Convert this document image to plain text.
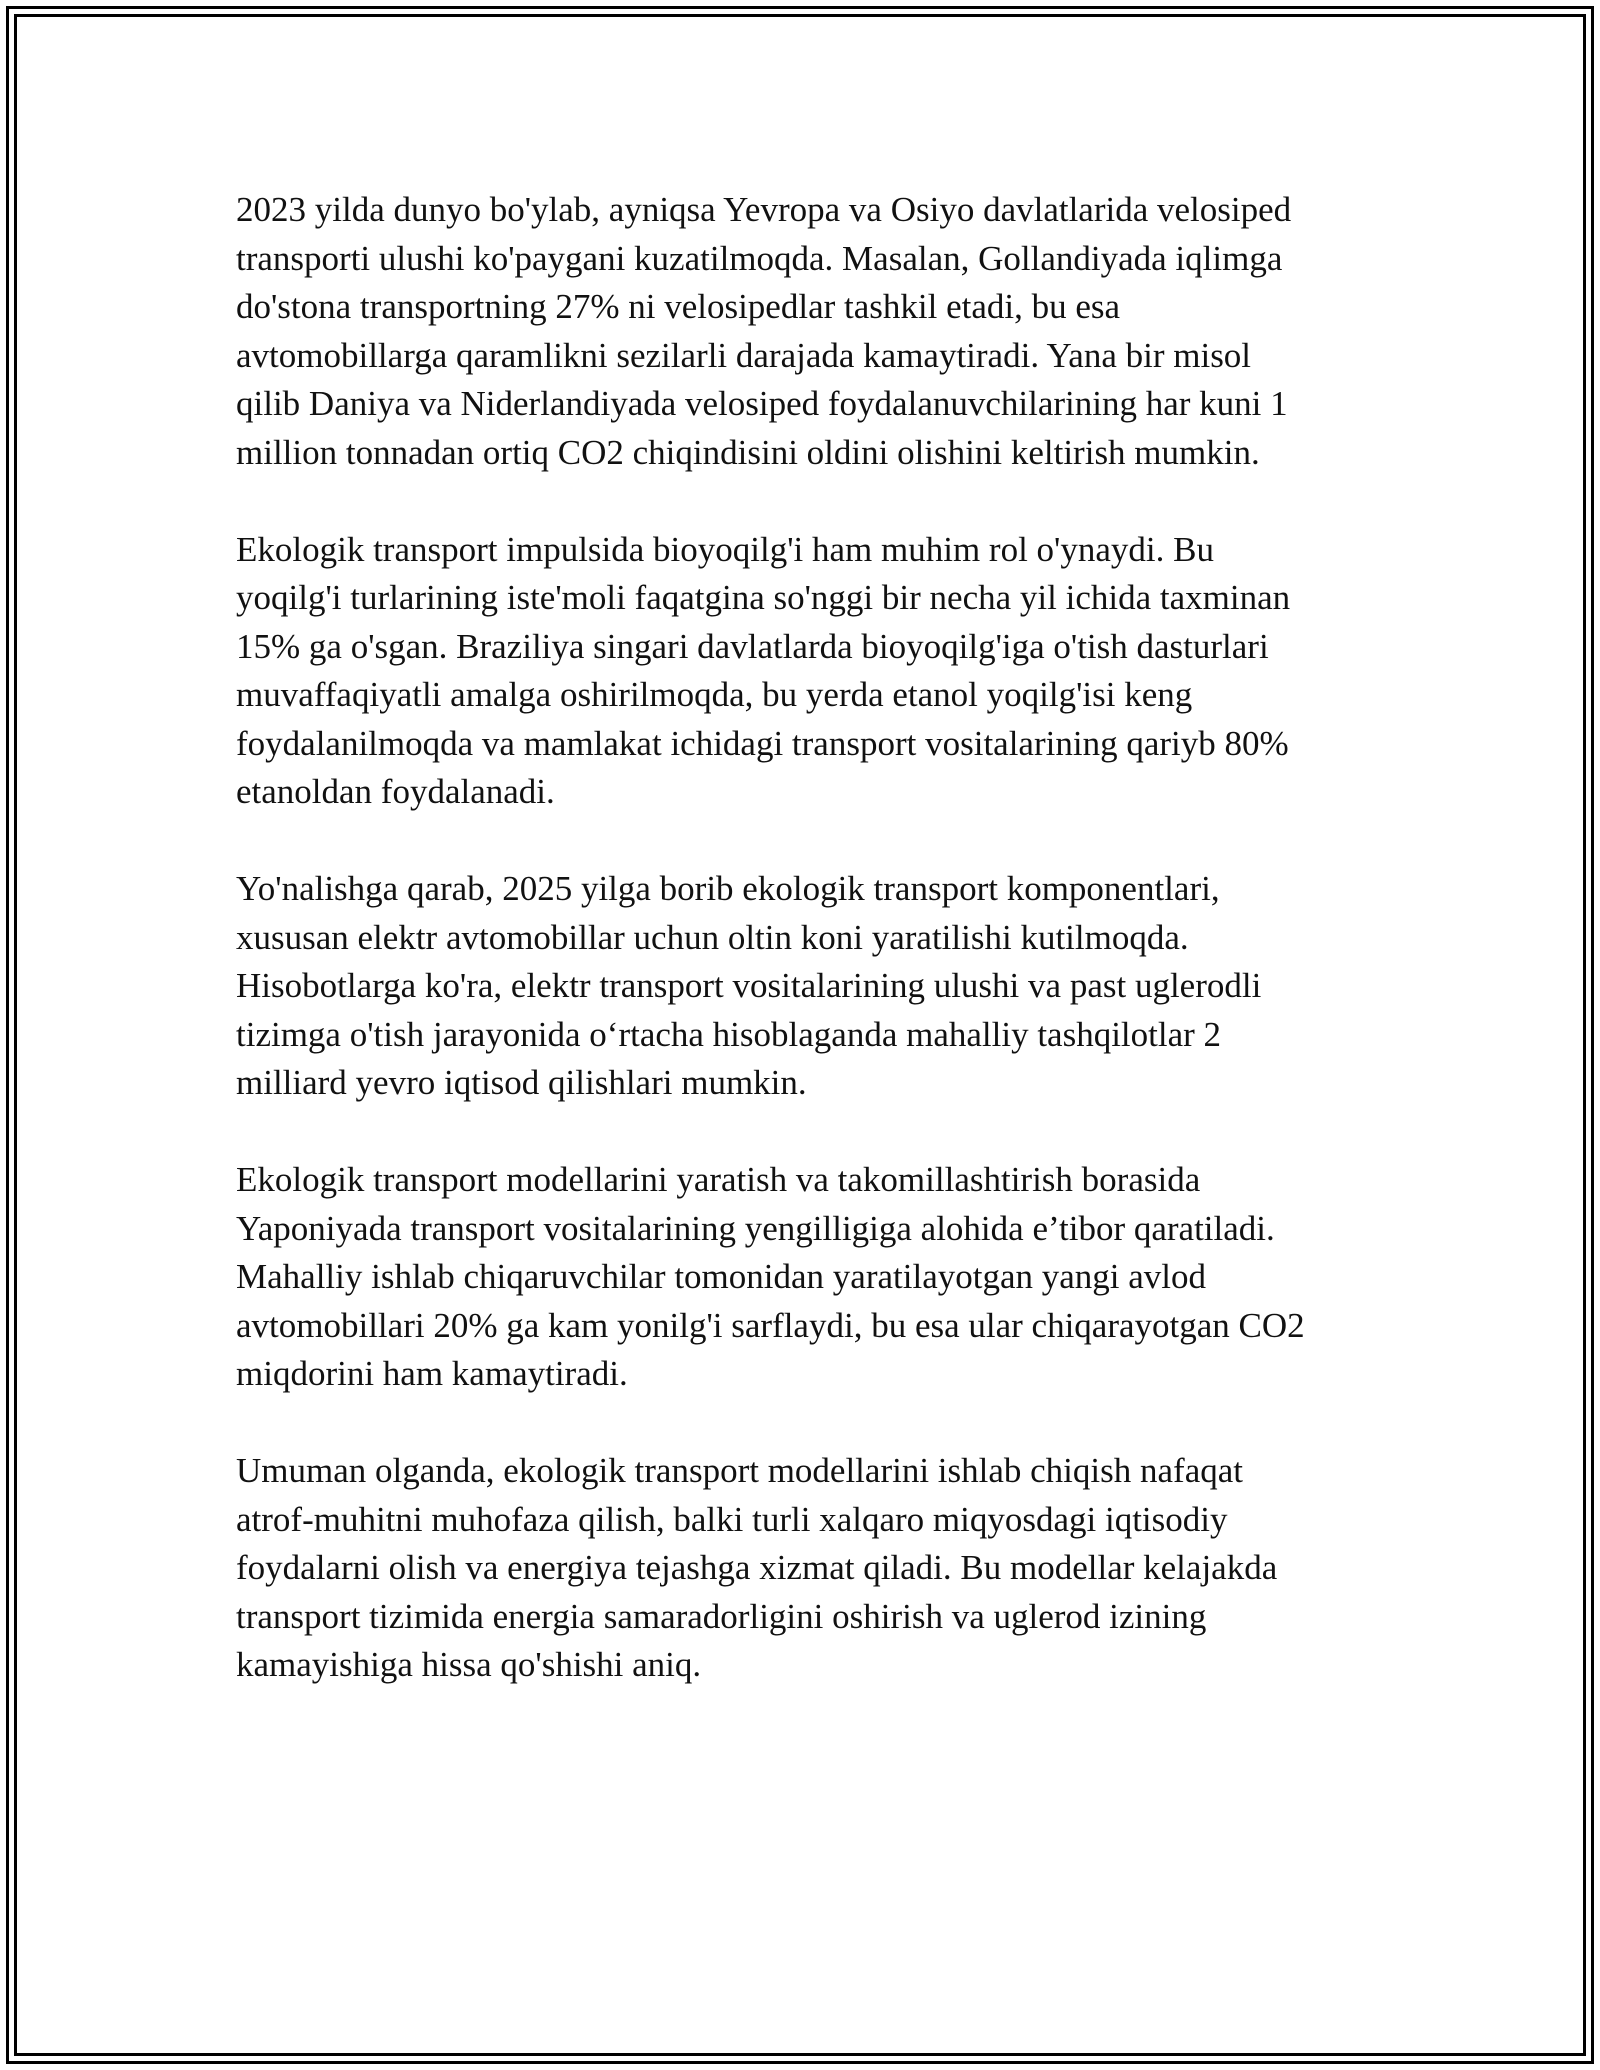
2023 yilda dunyo bo'ylab, ayniqsa Yevropa va Osiyo davlatlarida velosiped
transporti ulushi ko'paygani kuzatilmoqda. Masalan, Gollandiyada iqlimga
do'stona transportning 27% ni velosipedlar tashkil etadi, bu esa
avtomobillarga qaramlikni sezilarli darajada kamaytiradi. Yana bir misol
qilib Daniya va Niderlandiyada velosiped foydalanuvchilarining har kuni 1
million tonnadan ortiq CO2 chiqindisini oldini olishini keltirish mumkin.

Ekologik transport impulsida bioyoqilg'i ham muhim rol o'ynaydi. Bu
yoqilg'i turlarining iste'moli faqatgina so'nggi bir necha yil ichida taxminan
15% ga o'sgan. Braziliya singari davlatlarda bioyoqilg'iga o'tish dasturlari
muvaffaqiyatli amalga oshirilmoqda, bu yerda etanol yoqilg'isi keng
foydalanilmoqda va mamlakat ichidagi transport vositalarining qariyb 80%
etanoldan foydalanadi.

Yo'nalishga qarab, 2025 yilga borib ekologik transport komponentlari,
xususan elektr avtomobillar uchun oltin koni yaratilishi kutilmoqda.
Hisobotlarga ko'ra, elektr transport vositalarining ulushi va past uglerodli
tizimga o'tish jarayonida o‘rtacha hisoblaganda mahalliy tashqilotlar 2
milliard yevro iqtisod qilishlari mumkin.

Ekologik transport modellarini yaratish va takomillashtirish borasida
Yaponiyada transport vositalarining yengilligiga alohida e’tibor qaratiladi.
Mahalliy ishlab chiqaruvchilar tomonidan yaratilayotgan yangi avlod
avtomobillari 20% ga kam yonilg'i sarflaydi, bu esa ular chiqarayotgan CO2
miqdorini ham kamaytiradi.

Umuman olganda, ekologik transport modellarini ishlab chiqish nafaqat
atrof-muhitni muhofaza qilish, balki turli xalqaro miqyosdagi iqtisodiy
foydalarni olish va energiya tejashga xizmat qiladi. Bu modellar kelajakda
transport tizimida energia samaradorligini oshirish va uglerod izining
kamayishiga hissa qo'shishi aniq.
